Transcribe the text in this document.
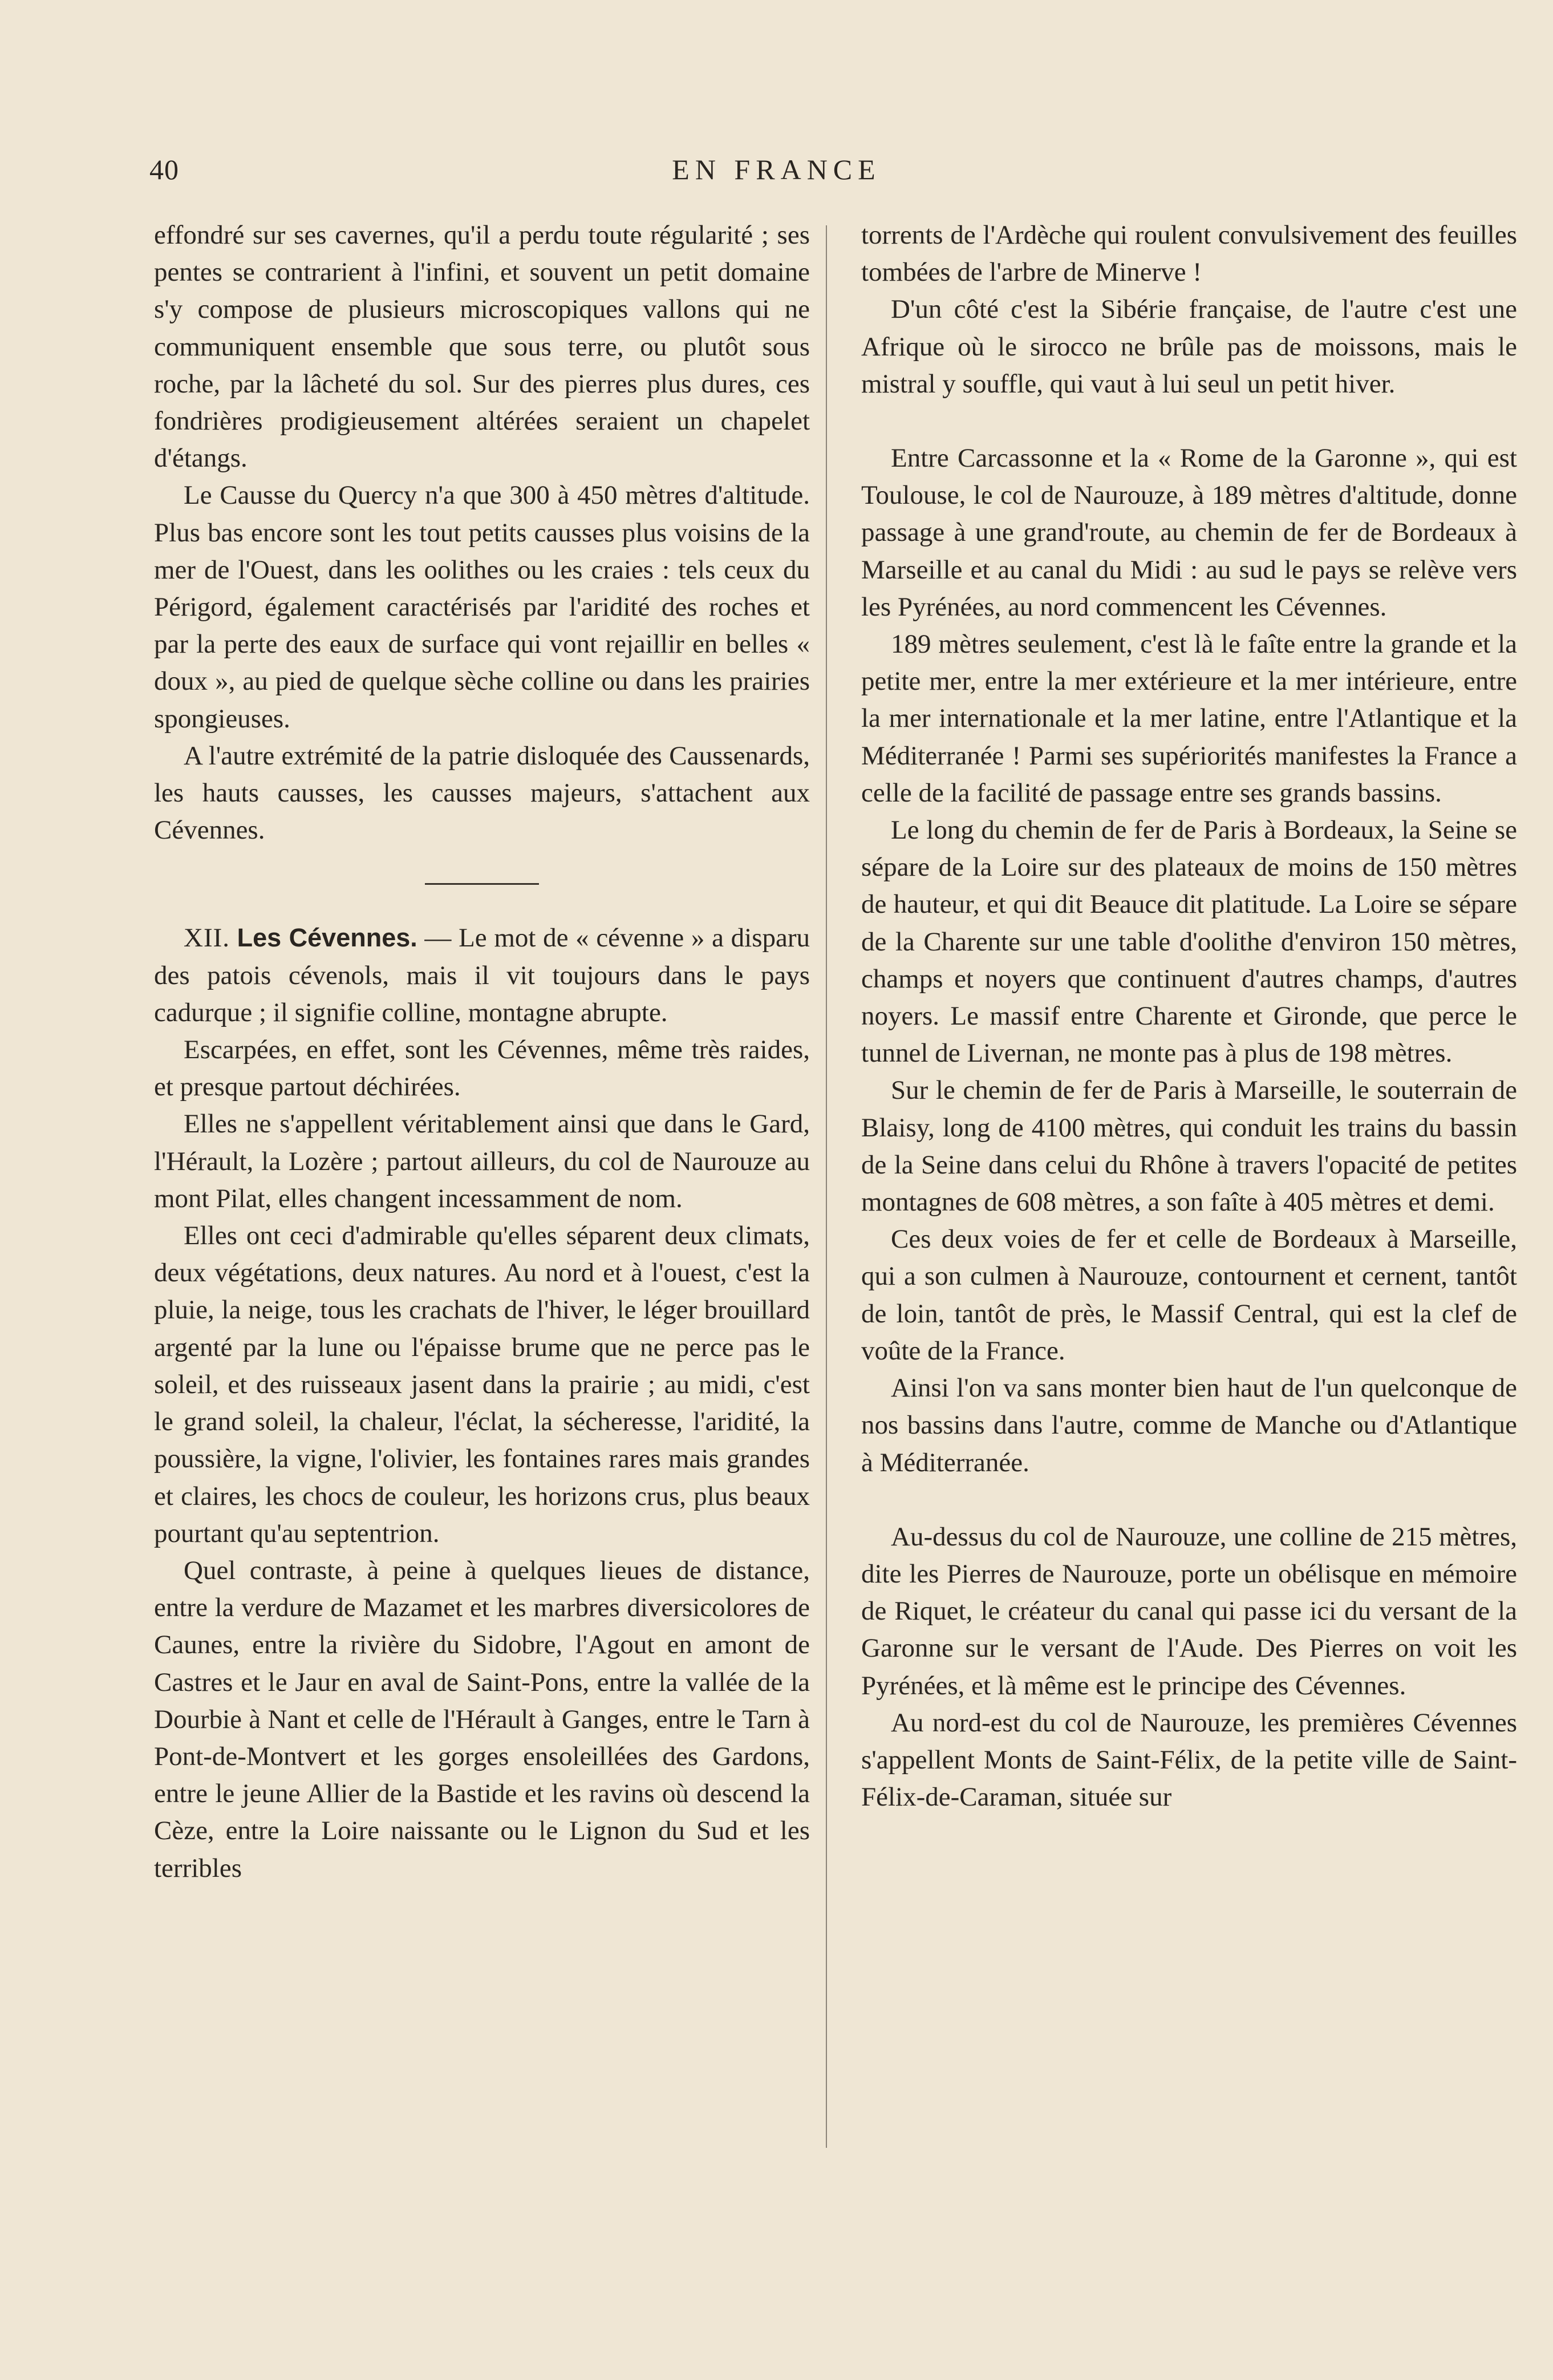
40	EN FRANCE

effondré sur ses cavernes, qu'il a perdu toute régularité ; ses pentes se contrarient à l'infini, et souvent un petit domaine s'y compose de plusieurs microscopiques vallons qui ne communiquent ensemble que sous terre, ou plutôt sous roche, par la lâcheté du sol. Sur des pierres plus dures, ces fondrières prodigieusement altérées seraient un chapelet d'étangs.

Le Causse du Quercy n'a que 300 à 450 mètres d'altitude. Plus bas encore sont les tout petits causses plus voisins de la mer de l'Ouest, dans les oolithes ou les craies : tels ceux du Périgord, également caractérisés par l'aridité des roches et par la perte des eaux de surface qui vont rejaillir en belles « doux », au pied de quelque sèche colline ou dans les prairies spongieuses.

A l'autre extrémité de la patrie disloquée des Caussenards, les hauts causses, les causses majeurs, s'attachent aux Cévennes.

XII. Les Cévennes. — Le mot de « cévenne » a disparu des patois cévenols, mais il vit toujours dans le pays cadurque ; il signifie colline, montagne abrupte.

Escarpées, en effet, sont les Cévennes, même très raides, et presque partout déchirées.

Elles ne s'appellent véritablement ainsi que dans le Gard, l'Hérault, la Lozère ; partout ailleurs, du col de Naurouze au mont Pilat, elles changent incessamment de nom.

Elles ont ceci d'admirable qu'elles séparent deux climats, deux végétations, deux natures. Au nord et à l'ouest, c'est la pluie, la neige, tous les crachats de l'hiver, le léger brouillard argenté par la lune ou l'épaisse brume que ne perce pas le soleil, et des ruisseaux jasent dans la prairie ; au midi, c'est le grand soleil, la chaleur, l'éclat, la sécheresse, l'aridité, la poussière, la vigne, l'olivier, les fontaines rares mais grandes et claires, les chocs de couleur, les horizons crus, plus beaux pourtant qu'au septentrion.

Quel contraste, à peine à quelques lieues de distance, entre la verdure de Mazamet et les marbres diversicolores de Caunes, entre la rivière du Sidobre, l'Agout en amont de Castres et le Jaur en aval de Saint-Pons, entre la vallée de la Dourbie à Nant et celle de l'Hérault à Ganges, entre le Tarn à Pont-de-Montvert et les gorges ensoleillées des Gardons, entre le jeune Allier de la Bastide et les ravins où descend la Cèze, entre la Loire naissante ou le Lignon du Sud et les terribles

torrents de l'Ardèche qui roulent convulsivement des feuilles tombées de l'arbre de Minerve !

D'un côté c'est la Sibérie française, de l'autre c'est une Afrique où le sirocco ne brûle pas de moissons, mais le mistral y souffle, qui vaut à lui seul un petit hiver.

Entre Carcassonne et la « Rome de la Garonne », qui est Toulouse, le col de Naurouze, à 189 mètres d'altitude, donne passage à une grand'route, au chemin de fer de Bordeaux à Marseille et au canal du Midi : au sud le pays se relève vers les Pyrénées, au nord commencent les Cévennes.

189 mètres seulement, c'est là le faîte entre la grande et la petite mer, entre la mer extérieure et la mer intérieure, entre la mer internationale et la mer latine, entre l'Atlantique et la Méditerranée ! Parmi ses supériorités manifestes la France a celle de la facilité de passage entre ses grands bassins.

Le long du chemin de fer de Paris à Bordeaux, la Seine se sépare de la Loire sur des plateaux de moins de 150 mètres de hauteur, et qui dit Beauce dit platitude. La Loire se sépare de la Charente sur une table d'oolithe d'environ 150 mètres, champs et noyers que continuent d'autres champs, d'autres noyers. Le massif entre Charente et Gironde, que perce le tunnel de Livernan, ne monte pas à plus de 198 mètres.

Sur le chemin de fer de Paris à Marseille, le souterrain de Blaisy, long de 4100 mètres, qui conduit les trains du bassin de la Seine dans celui du Rhône à travers l'opacité de petites montagnes de 608 mètres, a son faîte à 405 mètres et demi.

Ces deux voies de fer et celle de Bordeaux à Marseille, qui a son culmen à Naurouze, contournent et cernent, tantôt de loin, tantôt de près, le Massif Central, qui est la clef de voûte de la France.

Ainsi l'on va sans monter bien haut de l'un quelconque de nos bassins dans l'autre, comme de Manche ou d'Atlantique à Méditerranée.

Au-dessus du col de Naurouze, une colline de 215 mètres, dite les Pierres de Naurouze, porte un obélisque en mémoire de Riquet, le créateur du canal qui passe ici du versant de la Garonne sur le versant de l'Aude. Des Pierres on voit les Pyrénées, et là même est le principe des Cévennes.

Au nord-est du col de Naurouze, les premières Cévennes s'appellent Monts de Saint-Félix, de la petite ville de Saint-Félix-de-Caraman, située sur
